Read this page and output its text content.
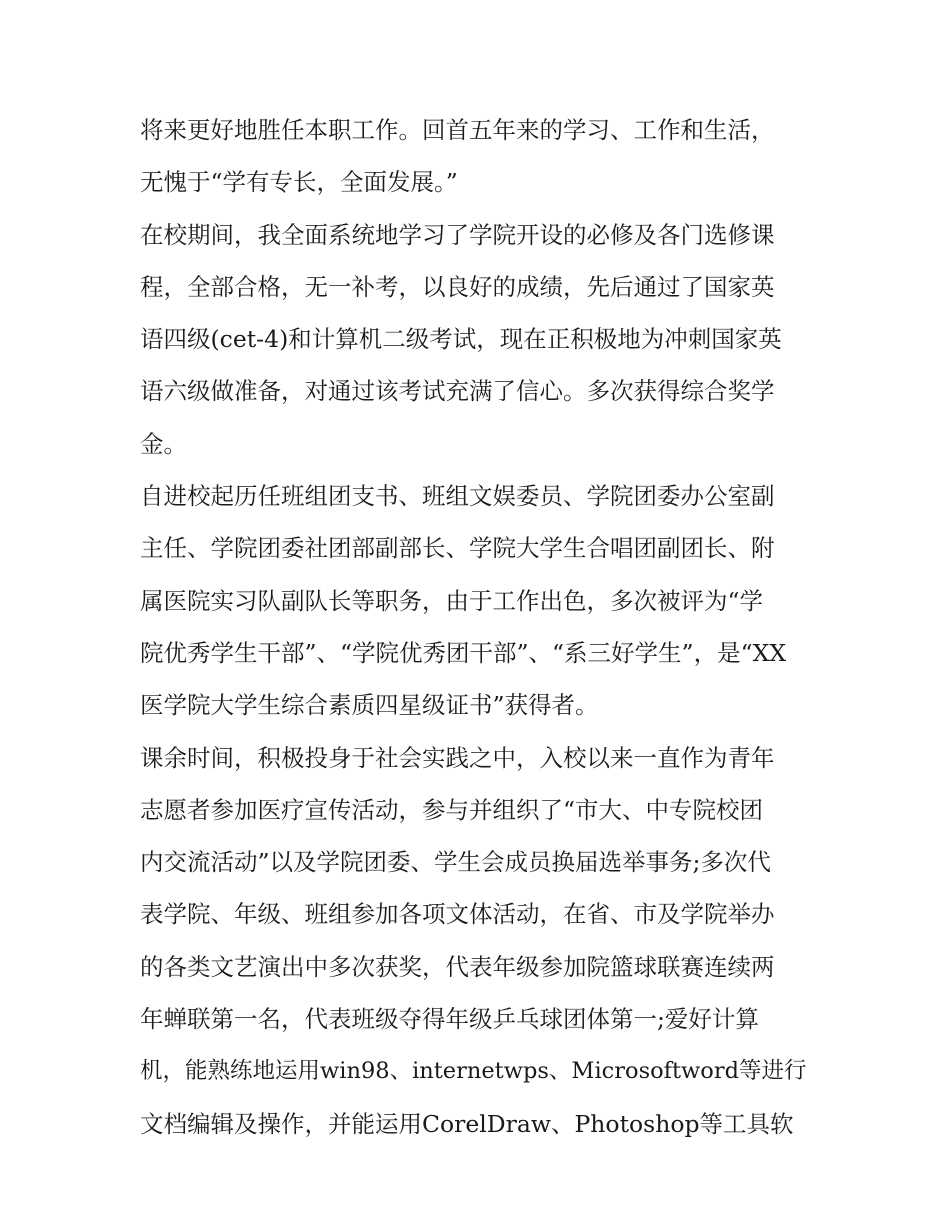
将来更好地胜任本职工作。回首五年来的学习、工作和生活，
无愧于“学有专长，全面发展。”
在校期间，我全面系统地学习了学院开设的必修及各门选修课
程，全部合格，无一补考，以良好的成绩，先后通过了国家英
语四级(cet-4)和计算机二级考试，现在正积极地为冲刺国家英
语六级做准备，对通过该考试充满了信心。多次获得综合奖学
金。
自进校起历任班组团支书、班组文娱委员、学院团委办公室副
主任、学院团委社团部副部长、学院大学生合唱团副团长、附
属医院实习队副队长等职务，由于工作出色，多次被评为“学
院优秀学生干部”、“学院优秀团干部”、“系三好学生”，是“XX
医学院大学生综合素质四星级证书”获得者。
课余时间，积极投身于社会实践之中，入校以来一直作为青年
志愿者参加医疗宣传活动，参与并组织了“市大、中专院校团
内交流活动”以及学院团委、学生会成员换届选举事务;多次代
表学院、年级、班组参加各项文体活动，在省、市及学院举办
的各类文艺演出中多次获奖，代表年级参加院篮球联赛连续两
年蝉联第一名，代表班级夺得年级乒乓球团体第一;爱好计算
机，能熟练地运用win98、internetwps、Microsoftword等进行
文档编辑及操作，并能运用CorelDraw、Photoshop等工具软
